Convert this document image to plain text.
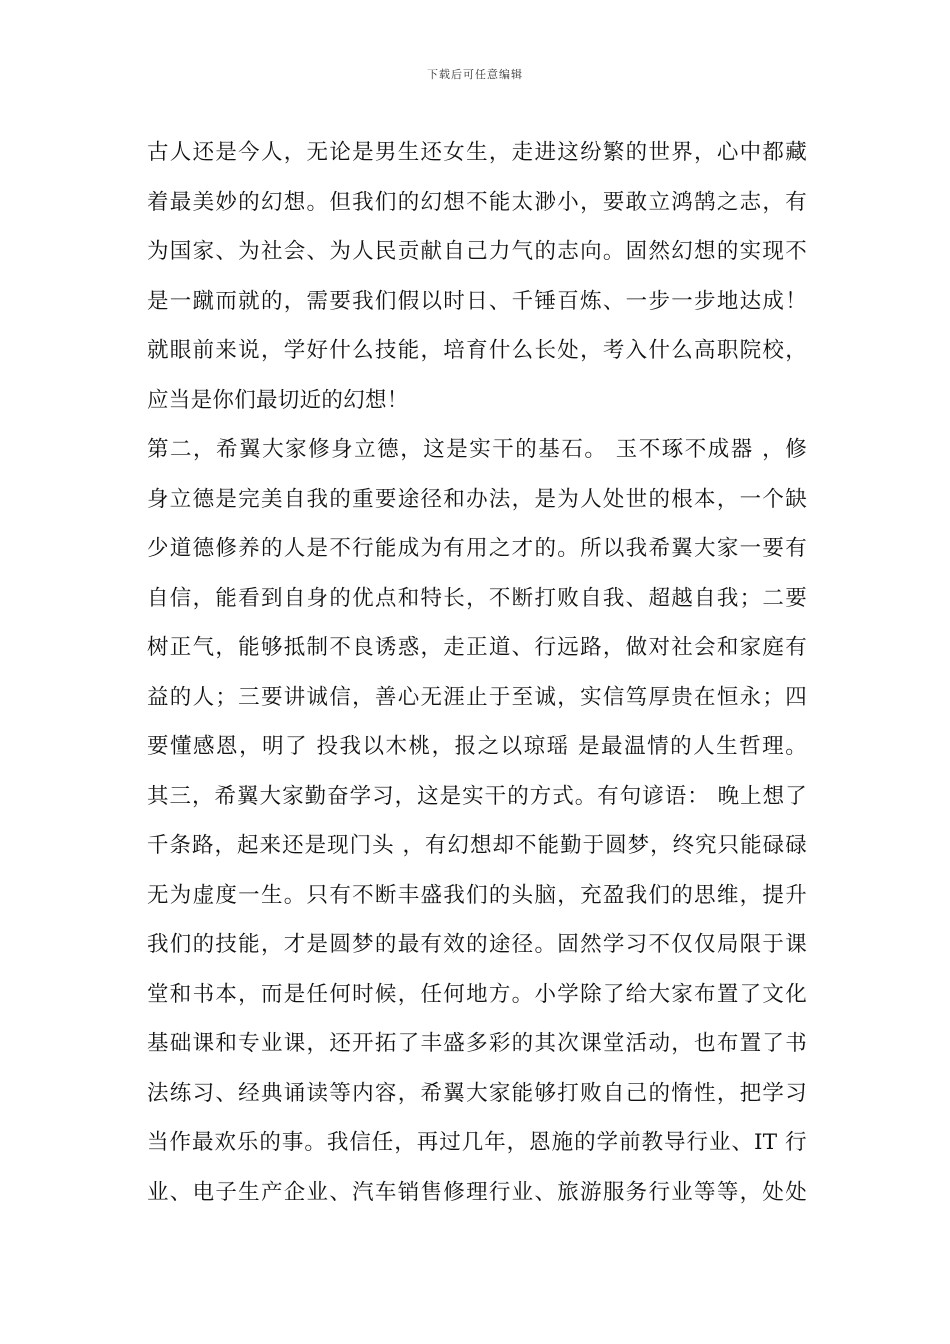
下载后可任意编辑
古人还是今人，无论是男生还女生，走进这纷繁的世界，心中都藏
着最美妙的幻想。但我们的幻想不能太渺小，要敢立鸿鹄之志，有
为国家、为社会、为人民贡献自己力气的志向。固然幻想的实现不
是一蹴而就的，需要我们假以时日、千锤百炼、一步一步地达成！
就眼前来说，学好什么技能，培育什么长处，考入什么高职院校，
应当是你们最切近的幻想！
第二，希翼大家修身立德，这是实干的基石。 玉不琢不成器 ，修
身立德是完美自我的重要途径和办法，是为人处世的根本，一个缺
少道德修养的人是不行能成为有用之才的。所以我希翼大家一要有
自信，能看到自身的优点和特长，不断打败自我、超越自我；二要
树正气，能够抵制不良诱惑，走正道、行远路，做对社会和家庭有
益的人；三要讲诚信，善心无涯止于至诚，实信笃厚贵在恒永；四
要懂感恩，明了 投我以木桃，报之以琼瑶 是最温情的人生哲理。
其三，希翼大家勤奋学习，这是实干的方式。有句谚语： 晚上想了
千条路，起来还是现门头 ，有幻想却不能勤于圆梦，终究只能碌碌
无为虚度一生。只有不断丰盛我们的头脑，充盈我们的思维，提升
我们的技能，才是圆梦的最有效的途径。固然学习不仅仅局限于课
堂和书本，而是任何时候，任何地方。小学除了给大家布置了文化
基础课和专业课，还开拓了丰盛多彩的其次课堂活动，也布置了书
法练习、经典诵读等内容，希翼大家能够打败自己的惰性，把学习
当作最欢乐的事。我信任，再过几年，恩施的学前教导行业、IT 行
业、电子生产企业、汽车销售修理行业、旅游服务行业等等，处处
